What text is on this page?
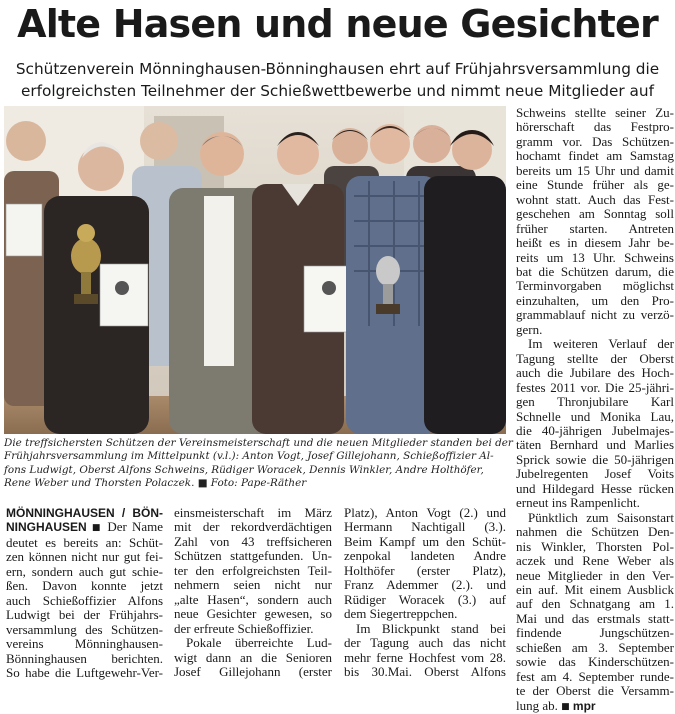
Alte Hasen und neue Gesichter
Schützenverein Mönninghausen-Bönninghausen ehrt auf Frühjahrsversammlung die
erfolgreichsten Teilnehmer der Schießwettbewerbe und nimmt neue Mitglieder auf
Die treffsichersten Schützen der Vereinsmeisterschaft und die neuen Mitglieder standen bei der
Frühjahrsversammlung im Mittelpunkt (v.l.): Anton Vogt, Josef Gillejohann, Schießoffizier Al-
fons Ludwigt, Oberst Alfons Schweins, Rüdiger Woracek, Dennis Winkler, Andre Holthöfer,
Rene Weber und Thorsten Polaczek. ■ Foto: Pape-Räther
MÖNNINGHAUSEN / BÖN-
NINGHAUSEN ■ Der Name
deutet es bereits an: Schüt-
zen können nicht nur gut fei-
ern, sondern auch gut schie-
ßen. Davon konnte jetzt
auch Schießoffizier Alfons
Ludwigt bei der Frühjahrs-
versammlung des Schützen-
vereins Mönninghausen-
Bönninghausen berichten.
So habe die Luftgewehr-Ver-
einsmeisterschaft im März
mit der rekordverdächtigen
Zahl von 43 treffsicheren
Schützen stattgefunden. Un-
ter den erfolgreichsten Teil-
nehmern seien nicht nur
„alte Hasen“, sondern auch
neue Gesichter gewesen, so
der erfreute Schießoffizier.
Pokale überreichte Lud-
wigt dann an die Senioren
Josef Gillejohann (erster
Platz), Anton Vogt (2.) und
Hermann Nachtigall (3.).
Beim Kampf um den Schüt-
zenpokal landeten Andre
Holthöfer (erster Platz),
Franz Ademmer (2.). und
Rüdiger Woracek (3.) auf
dem Siegertreppchen.
Im Blickpunkt stand bei
der Tagung auch das nicht
mehr ferne Hochfest vom 28.
bis 30.Mai. Oberst Alfons
Schweins stellte seiner Zu-
hörerschaft das Festpro-
gramm vor. Das Schützen-
hochamt findet am Samstag
bereits um 15 Uhr und damit
eine Stunde früher als ge-
wohnt statt. Auch das Fest-
geschehen am Sonntag soll
früher starten. Antreten
heißt es in diesem Jahr be-
reits um 13 Uhr. Schweins
bat die Schützen darum, die
Terminvorgaben möglichst
einzuhalten, um den Pro-
grammablauf nicht zu verzö-
gern.
Im weiteren Verlauf der
Tagung stellte der Oberst
auch die Jubilare des Hoch-
festes 2011 vor. Die 25-jähri-
gen Thronjubilare Karl
Schnelle und Monika Lau,
die 40-jährigen Jubelmajes-
täten Bernhard und Marlies
Sprick sowie die 50-jährigen
Jubelregenten Josef Voits
und Hildegard Hesse rücken
erneut ins Rampenlicht.
Pünktlich zum Saisonstart
nahmen die Schützen Den-
nis Winkler, Thorsten Pol-
aczek und Rene Weber als
neue Mitglieder in den Ver-
ein auf. Mit einem Ausblick
auf den Schnatgang am 1.
Mai und das erstmals statt-
findende Jungschützen-
schießen am 3. September
sowie das Kinderschützen-
fest am 4. September runde-
te der Oberst die Versamm-
lung ab. ■ mpr
